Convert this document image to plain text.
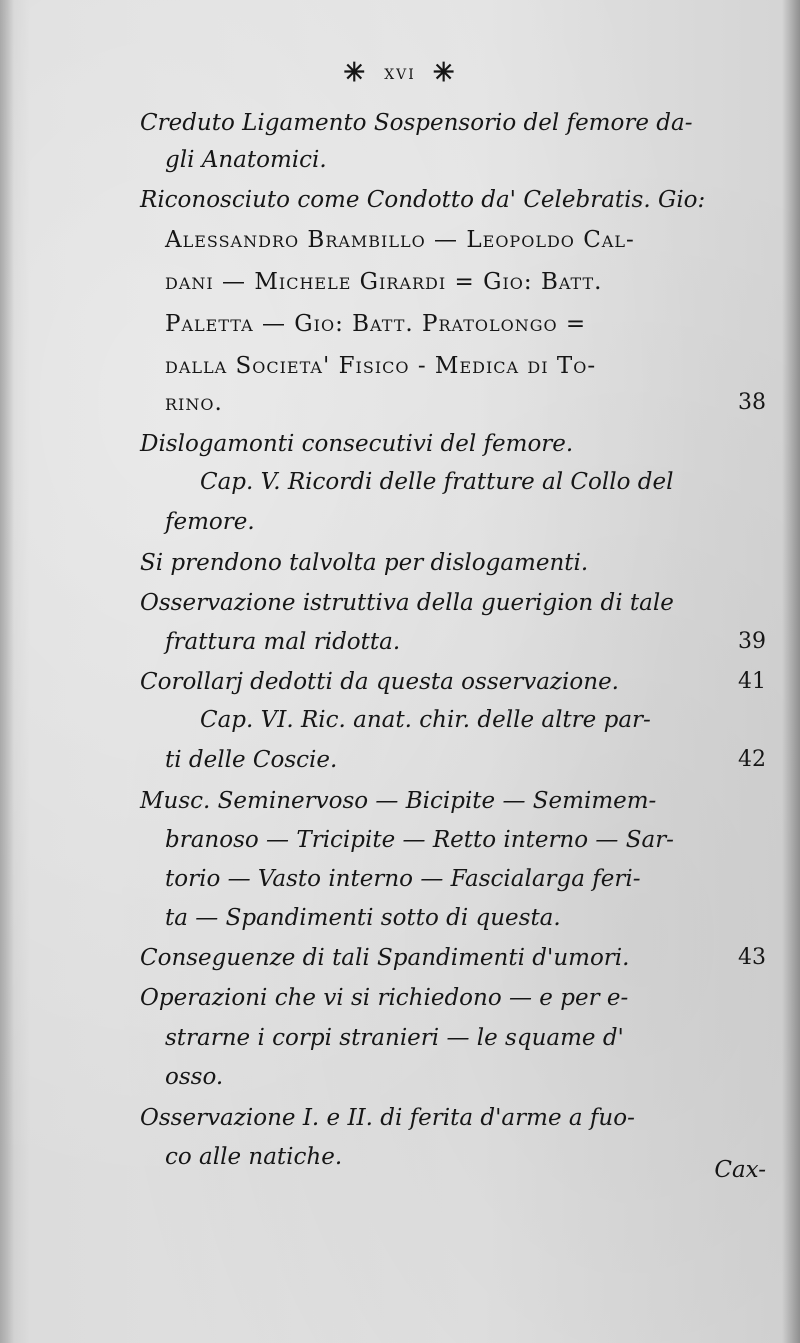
✳ xvi ✳
Creduto Ligamento Sospensorio del femore da-
gli Anatomici.
Riconosciuto come Condotto da' Celebratis. Gio:
Alessandro Brambillo — Leopoldo Cal-
dani — Michele Girardi = Gio: Batt.
Paletta — Gio: Batt. Pratolongo =
dalla Societa' Fisico - Medica di To-
rino.	38
Dislogamonti consecutivi del femore.
Cap. V. Ricordi delle fratture al Collo del
femore.
Si prendono talvolta per dislogamenti.
Osservazione istruttiva della guerigion di tale
frattura mal ridotta.	39
Corollarj dedotti da questa osservazione.	41
Cap. VI. Ric. anat. chir. delle altre par-
ti delle Coscie.	42
Musc. Seminervoso — Bicipite — Semimem-
branoso — Tricipite — Retto interno — Sar-
torio — Vasto interno — Fascialarga feri-
ta — Spandimenti sotto di questa.
Conseguenze di tali Spandimenti d'umori.	43
Operazioni che vi si richiedono — e per e-
strarne i corpi stranieri — le squame d'
osso.
Osservazione I. e II. di ferita d'arme a fuo-
co alle natiche.	Cax-
